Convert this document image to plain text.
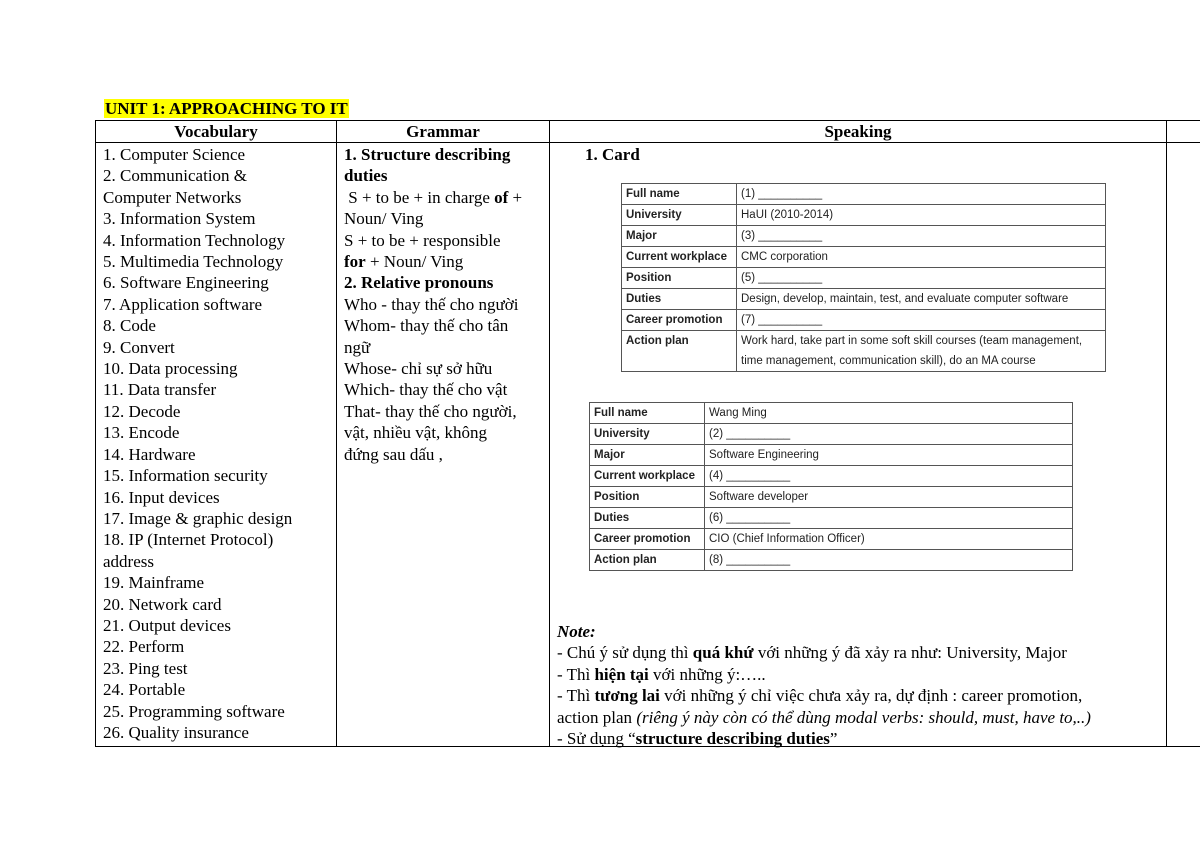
UNIT 1: APPROACHING TO IT
Vocabulary	Grammar	Speaking
1. Computer Science
2. Communication &
Computer Networks
3. Information System
4. Information Technology
5. Multimedia Technology
6. Software Engineering
7. Application software
8. Code
9. Convert
10. Data processing
11. Data transfer
12. Decode
13. Encode
14. Hardware
15. Information security
16. Input devices
17. Image & graphic design
18. IP (Internet Protocol)
address
19. Mainframe
20. Network card
21. Output devices
22. Perform
23. Ping test
24. Portable
25. Programming software
26. Quality insurance
1. Structure describing
duties
S + to be + in charge of +
Noun/ Ving
S + to be + responsible
for + Noun/ Ving
2. Relative pronouns
Who - thay thế cho người
Whom- thay thế cho tân
ngữ
Whose- chỉ sự sở hữu
Which- thay thế cho vật
That- thay thế cho người,
vật, nhiều vật, không
đứng sau dấu ,
1. Card
Full name	(1) __________
University	HaUI (2010-2014)
Major	(3) __________
Current workplace	CMC corporation
Position	(5) __________
Duties	Design, develop, maintain, test, and evaluate computer software
Career promotion	(7) __________
Action plan	Work hard, take part in some soft skill courses (team management, time management, communication skill), do an MA course
Full name	Wang Ming
University	(2) __________
Major	Software Engineering
Current workplace	(4) __________
Position	Software developer
Duties	(6) __________
Career promotion	CIO (Chief Information Officer)
Action plan	(8) __________
Note:
- Chú ý sử dụng thì quá khứ với những ý đã xảy ra như: University, Major
- Thì hiện tại với những ý:…..
- Thì tương lai với những ý chỉ việc chưa xảy ra, dự định : career promotion,
action plan (riêng ý này còn có thể dùng modal verbs: should, must, have to,..)
- Sử dụng “structure describing duties”
